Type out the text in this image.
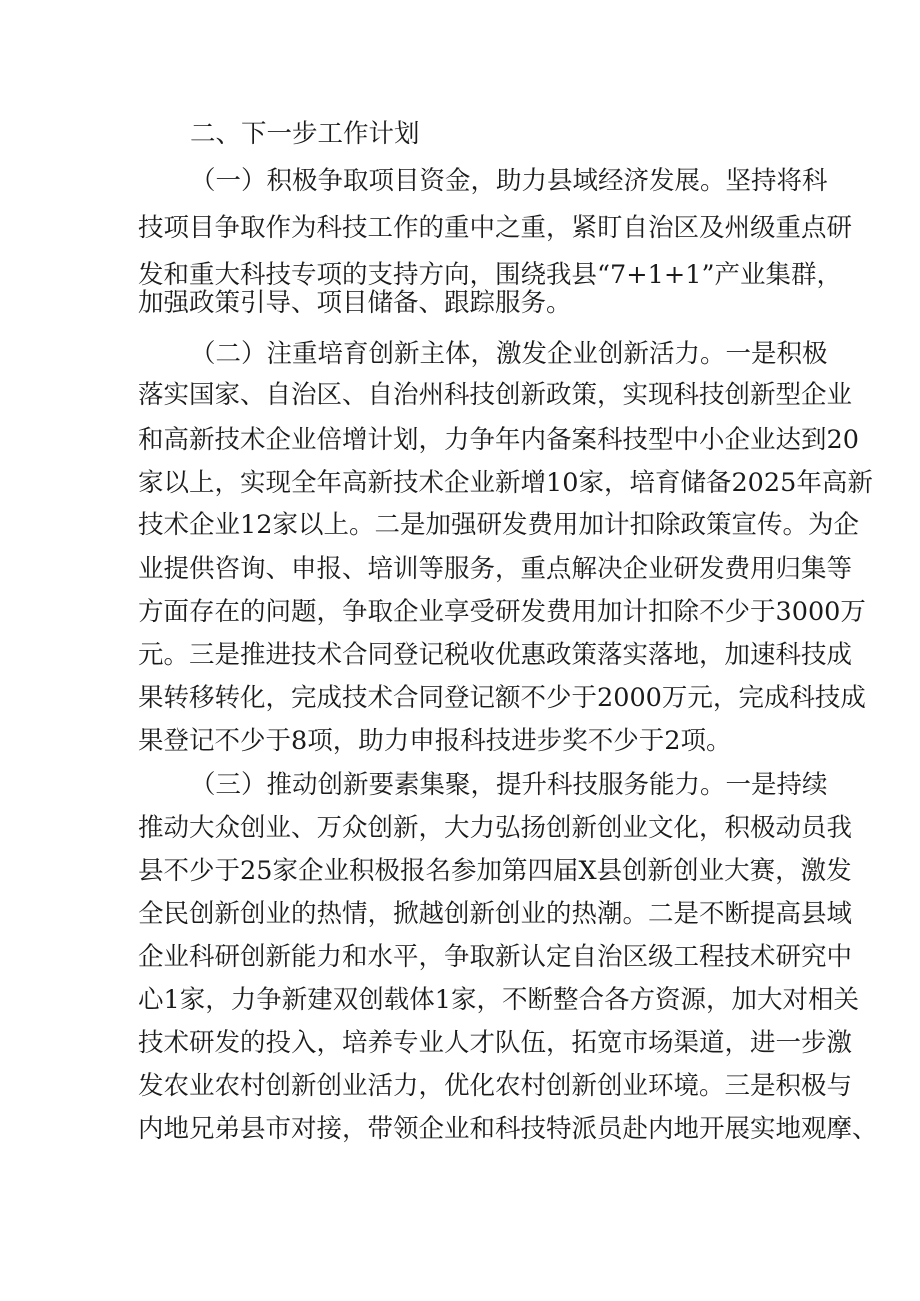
二、下一步工作计划
（一）积极争取项目资金，助力县域经济发展。坚持将科
技项目争取作为科技工作的重中之重，紧盯自治区及州级重点研
发和重大科技专项的支持方向，围绕我县“7+1+1”产业集群，
加强政策引导、项目储备、跟踪服务。
（二）注重培育创新主体，激发企业创新活力。一是积极
落实国家、自治区、自治州科技创新政策，实现科技创新型企业
和高新技术企业倍增计划，力争年内备案科技型中小企业达到20
家以上，实现全年高新技术企业新增10家，培育储备2025年高新
技术企业12家以上。二是加强研发费用加计扣除政策宣传。为企
业提供咨询、申报、培训等服务，重点解决企业研发费用归集等
方面存在的问题，争取企业享受研发费用加计扣除不少于3000万
元。三是推进技术合同登记税收优惠政策落实落地，加速科技成
果转移转化，完成技术合同登记额不少于2000万元，完成科技成
果登记不少于8项，助力申报科技进步奖不少于2项。
（三）推动创新要素集聚，提升科技服务能力。一是持续
推动大众创业、万众创新，大力弘扬创新创业文化，积极动员我
县不少于25家企业积极报名参加第四届X县创新创业大赛，激发
全民创新创业的热情，掀越创新创业的热潮。二是不断提高县域
企业科研创新能力和水平，争取新认定自治区级工程技术研究中
心1家，力争新建双创载体1家，不断整合各方资源，加大对相关
技术研发的投入，培养专业人才队伍，拓宽市场渠道，进一步激
发农业农村创新创业活力，优化农村创新创业环境。三是积极与
内地兄弟县市对接，带领企业和科技特派员赴内地开展实地观摩、
